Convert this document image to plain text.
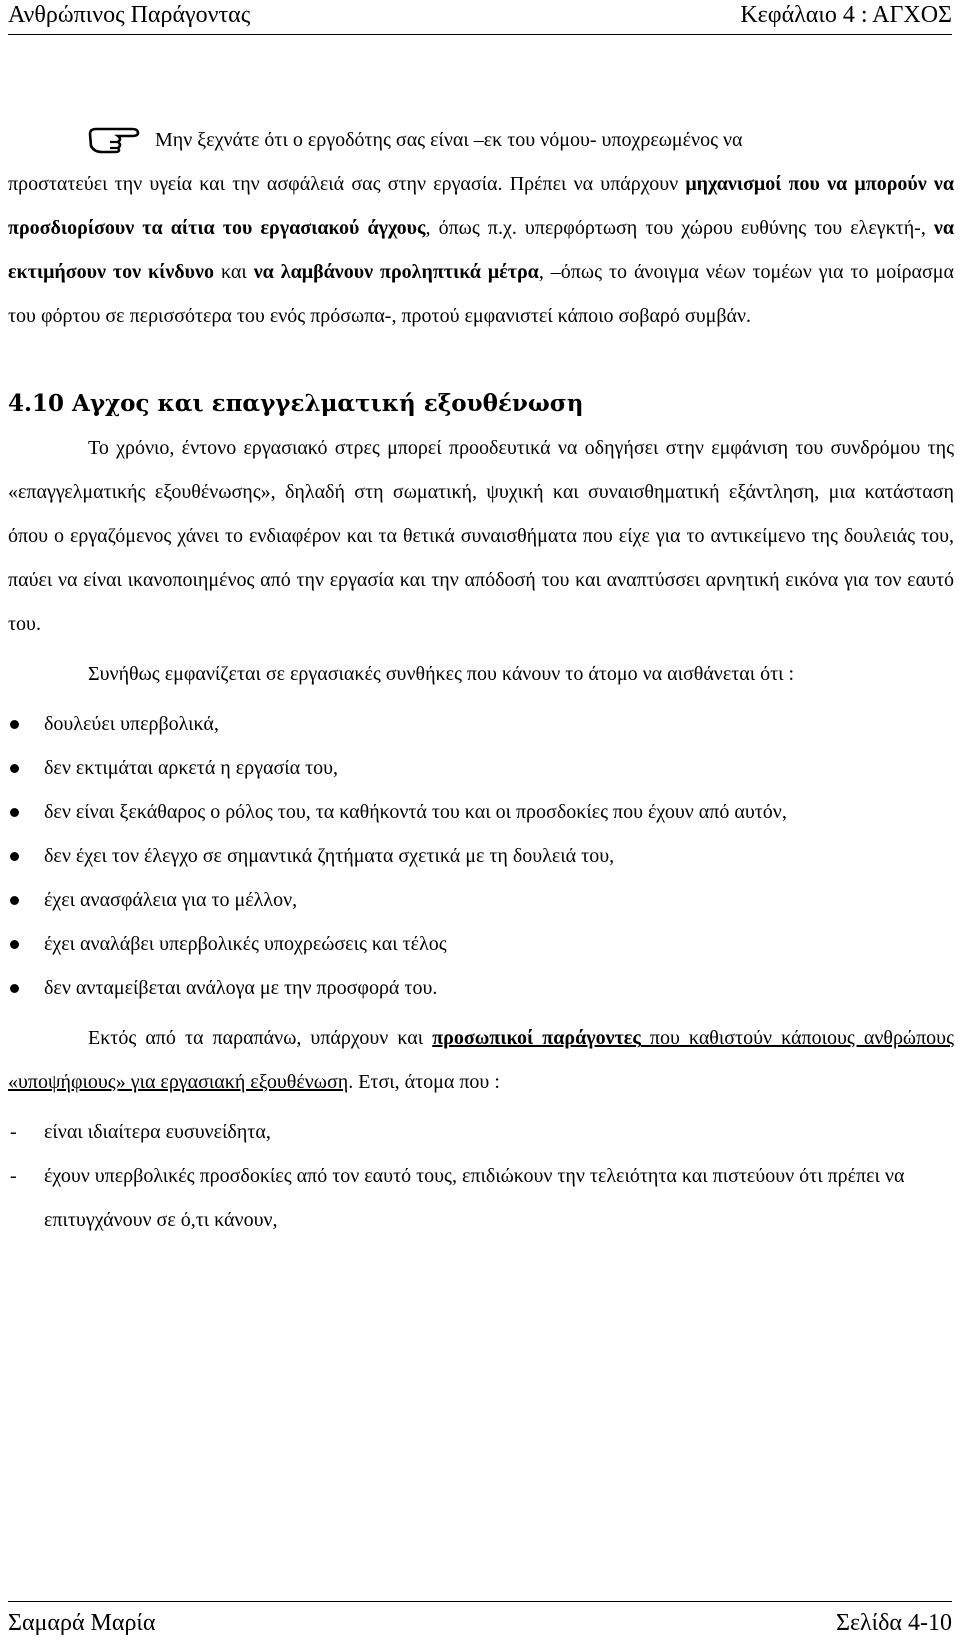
Ανθρώπινος Παράγοντας	Κεφάλαιο 4 : ΑΓΧΟΣ

Μην ξεχνάτε ότι ο εργοδότης σας είναι –εκ του νόμου- υποχρεωμένος να

προστατεύει την υγεία και την ασφάλειά σας στην εργασία. Πρέπει να υπάρχουν μηχανισμοί που να μπορούν να προσδιορίσουν τα αίτια του εργασιακού άγχους, όπως π.χ. υπερφόρτωση του χώρου ευθύνης του ελεγκτή-, να εκτιμήσουν τον κίνδυνο και να λαμβάνουν προληπτικά μέτρα, –όπως το άνοιγμα νέων τομέων για το μοίρασμα του φόρτου σε περισσότερα του ενός πρόσωπα-, προτού εμφανιστεί κάποιο σοβαρό συμβάν.

4.10 Αγχος και επαγγελματική εξουθένωση

Το χρόνιο, έντονο εργασιακό στρες μπορεί προοδευτικά να οδηγήσει στην εμφάνιση του συνδρόμου της «επαγγελματικής εξουθένωσης», δηλαδή στη σωματική, ψυχική και συναισθηματική εξάντληση, μια κατάσταση όπου ο εργαζόμενος χάνει το ενδιαφέρον και τα θετικά συναισθήματα που είχε για το αντικείμενο της δουλειάς του, παύει να είναι ικανοποιημένος από την εργασία και την απόδοσή του και αναπτύσσει αρνητική εικόνα για τον εαυτό του.

Συνήθως εμφανίζεται σε εργασιακές συνθήκες που κάνουν το άτομο να αισθάνεται ότι :

δουλεύει υπερβολικά,
δεν εκτιμάται αρκετά η εργασία του,
δεν είναι ξεκάθαρος ο ρόλος του, τα καθήκοντά του και οι προσδοκίες που έχουν από αυτόν,
δεν έχει τον έλεγχο σε σημαντικά ζητήματα σχετικά με τη δουλειά του,
έχει ανασφάλεια για το μέλλον,
έχει αναλάβει υπερβολικές υποχρεώσεις και τέλος
δεν ανταμείβεται ανάλογα με την προσφορά του.

Εκτός από τα παραπάνω, υπάρχουν και προσωπικοί παράγοντες που καθιστούν κάποιους ανθρώπους «υποψήφιους» για εργασιακή εξουθένωση. Ετσι, άτομα που :

- είναι ιδιαίτερα ευσυνείδητα,
- έχουν υπερβολικές προσδοκίες από τον εαυτό τους, επιδιώκουν την τελειότητα και πιστεύουν ότι πρέπει να επιτυγχάνουν σε ό,τι κάνουν,
Σαμαρά Μαρία	Σελίδα 4-10
